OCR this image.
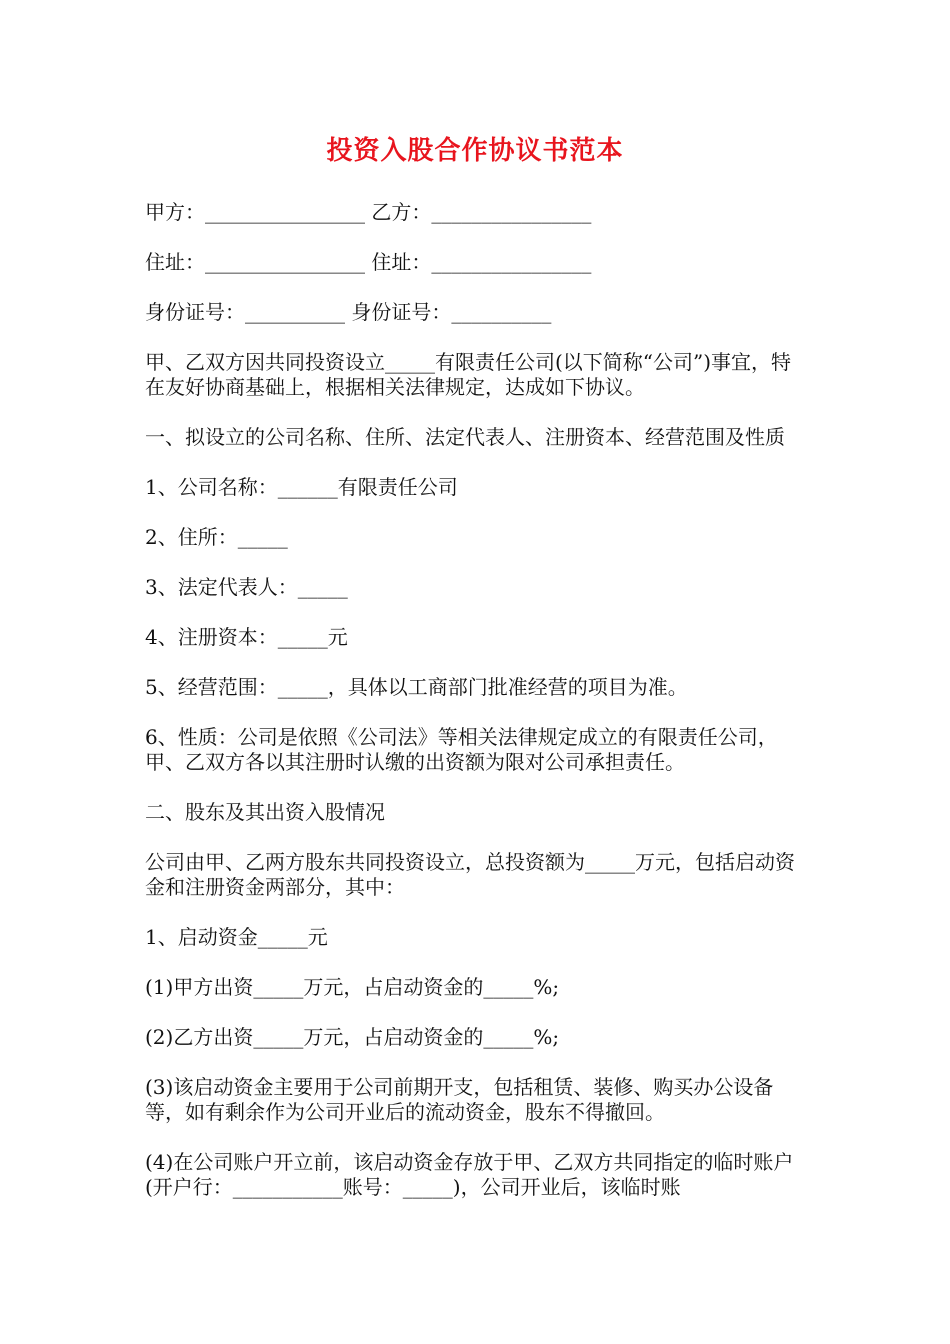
投资入股合作协议书范本

甲方：________________ 乙方：________________

住址：________________ 住址：________________

身份证号：__________ 身份证号：__________

甲、乙双方因共同投资设立_____有限责任公司(以下简称“公司”)事宜，特在友好协商基础上，根据相关法律规定，达成如下协议。

一、拟设立的公司名称、住所、法定代表人、注册资本、经营范围及性质

1、公司名称：______有限责任公司

2、住所：_____

3、法定代表人：_____

4、注册资本：_____元

5、经营范围：_____，具体以工商部门批准经营的项目为准。

6、性质：公司是依照《公司法》等相关法律规定成立的有限责任公司，甲、乙双方各以其注册时认缴的出资额为限对公司承担责任。

二、股东及其出资入股情况

公司由甲、乙两方股东共同投资设立，总投资额为_____万元，包括启动资金和注册资金两部分，其中：

1、启动资金_____元

(1)甲方出资_____万元，占启动资金的_____%;

(2)乙方出资_____万元，占启动资金的_____%;

(3)该启动资金主要用于公司前期开支，包括租赁、装修、购买办公设备等，如有剩余作为公司开业后的流动资金，股东不得撤回。

(4)在公司账户开立前，该启动资金存放于甲、乙双方共同指定的临时账户(开户行：___________账号：_____)，公司开业后，该临时账
